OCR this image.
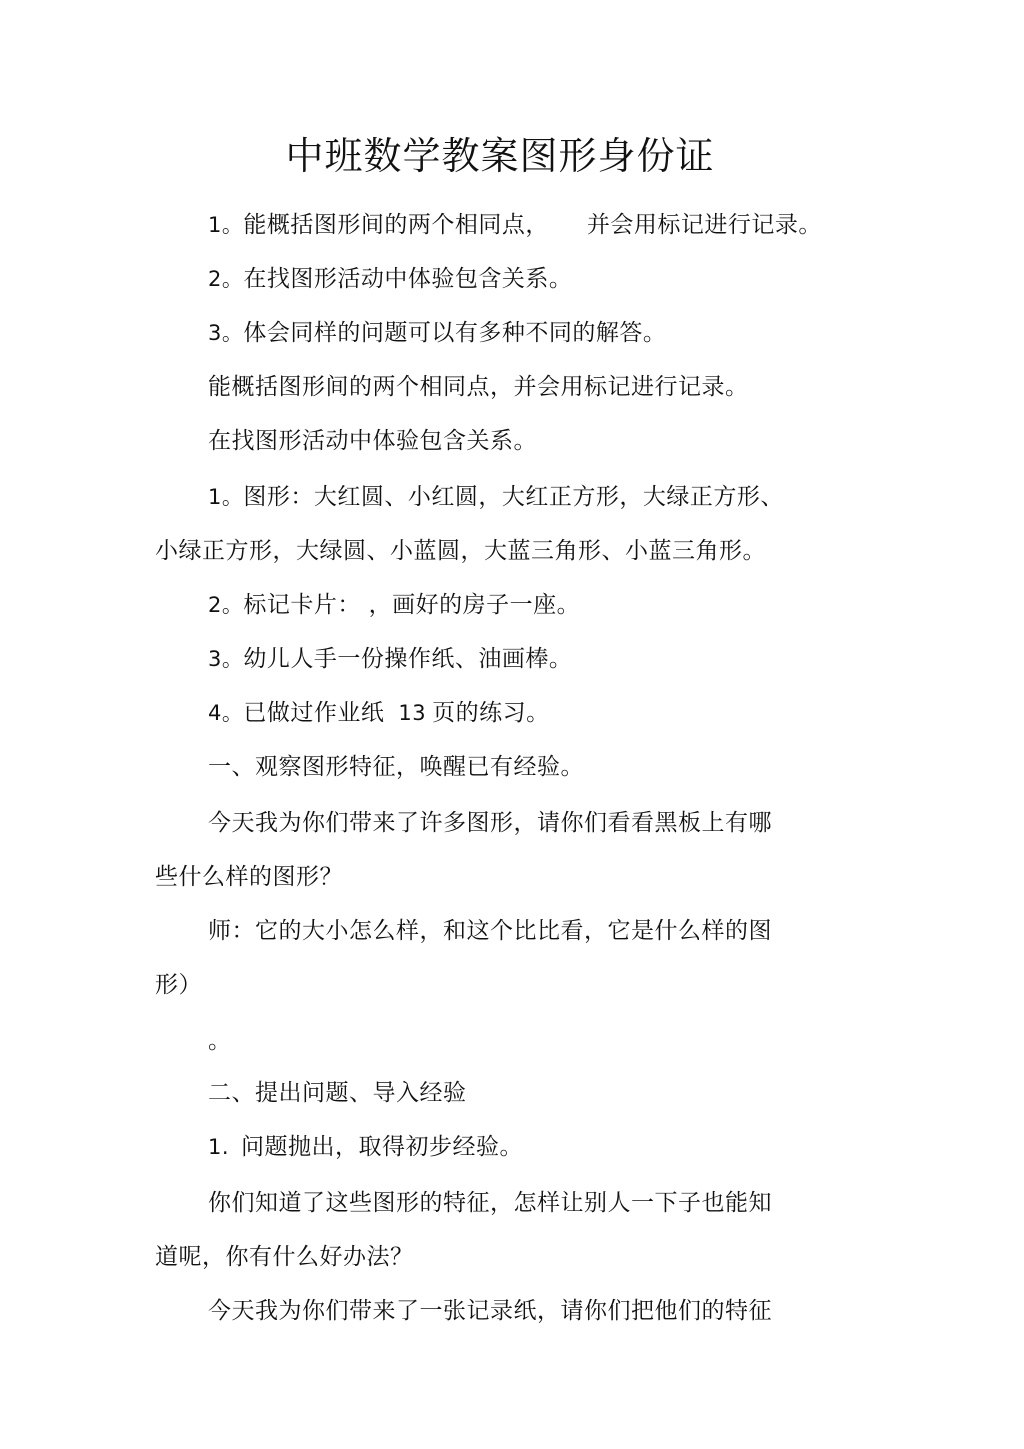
中班数学教案图形身份证

1。能概括图形间的两个相同点， 并会用标记进行记录。

2。在找图形活动中体验包含关系。

3。体会同样的问题可以有多种不同的解答。

能概括图形间的两个相同点，并会用标记进行记录。

在找图形活动中体验包含关系。

1。图形：大红圆、小红圆，大红正方形，大绿正方形、

小绿正方形，大绿圆、小蓝圆，大蓝三角形、小蓝三角形。

2。标记卡片： ，画好的房子一座。

3。幼儿人手一份操作纸、油画棒。

4。已做过作业纸 13 页的练习。

一、观察图形特征，唤醒已有经验。

今天我为你们带来了许多图形，请你们看看黑板上有哪

些什么样的图形？

师：它的大小怎么样，和这个比比看，它是什么样的图

形）

。

二、提出问题、导入经验

1. 问题抛出，取得初步经验。

你们知道了这些图形的特征，怎样让别人一下子也能知

道呢，你有什么好办法？

今天我为你们带来了一张记录纸，请你们把他们的特征
